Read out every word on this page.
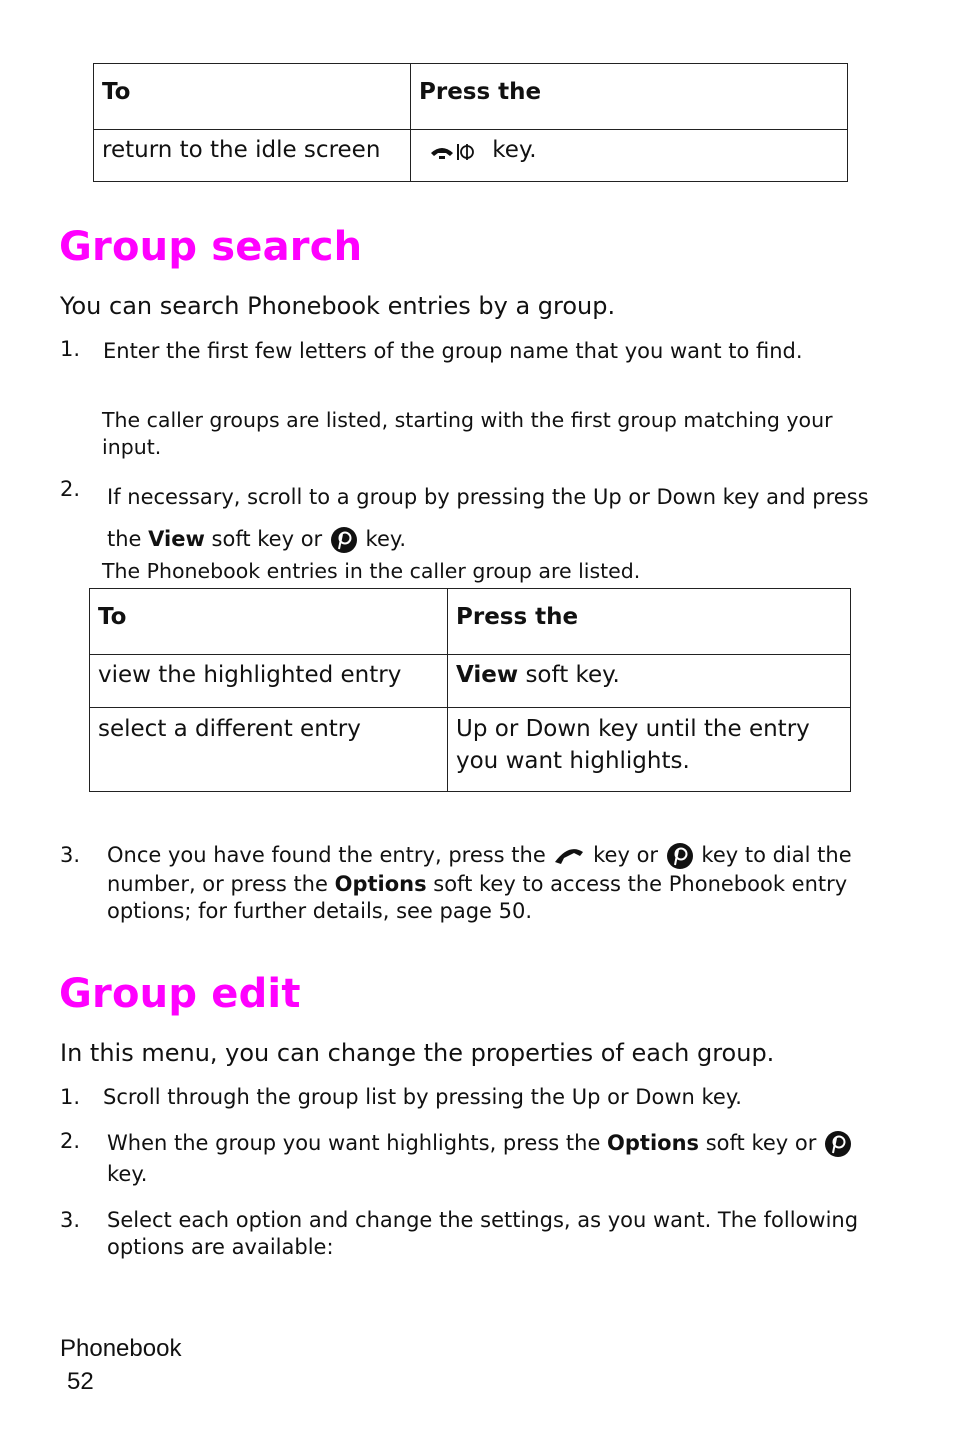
To	Press the
return to the idle screen	key.
Group search
You can search Phonebook entries by a group.
1. Enter the first few letters of the group name that you want to find.
The caller groups are listed, starting with the first group matching your input.
2. If necessary, scroll to a group by pressing the Up or Down key and press the View soft key or  key.
The Phonebook entries in the caller group are listed.
To	Press the
view the highlighted entry	View soft key.
select a different entry	Up or Down key until the entry you want highlights.
3. Once you have found the entry, press the  key or  key to dial the number, or press the Options soft key to access the Phonebook entry options; for further details, see page 50.
Group edit
In this menu, you can change the properties of each group.
1. Scroll through the group list by pressing the Up or Down key.
2. When the group you want highlights, press the Options soft key or  key.
3. Select each option and change the settings, as you want. The following options are available:
Phonebook
52
